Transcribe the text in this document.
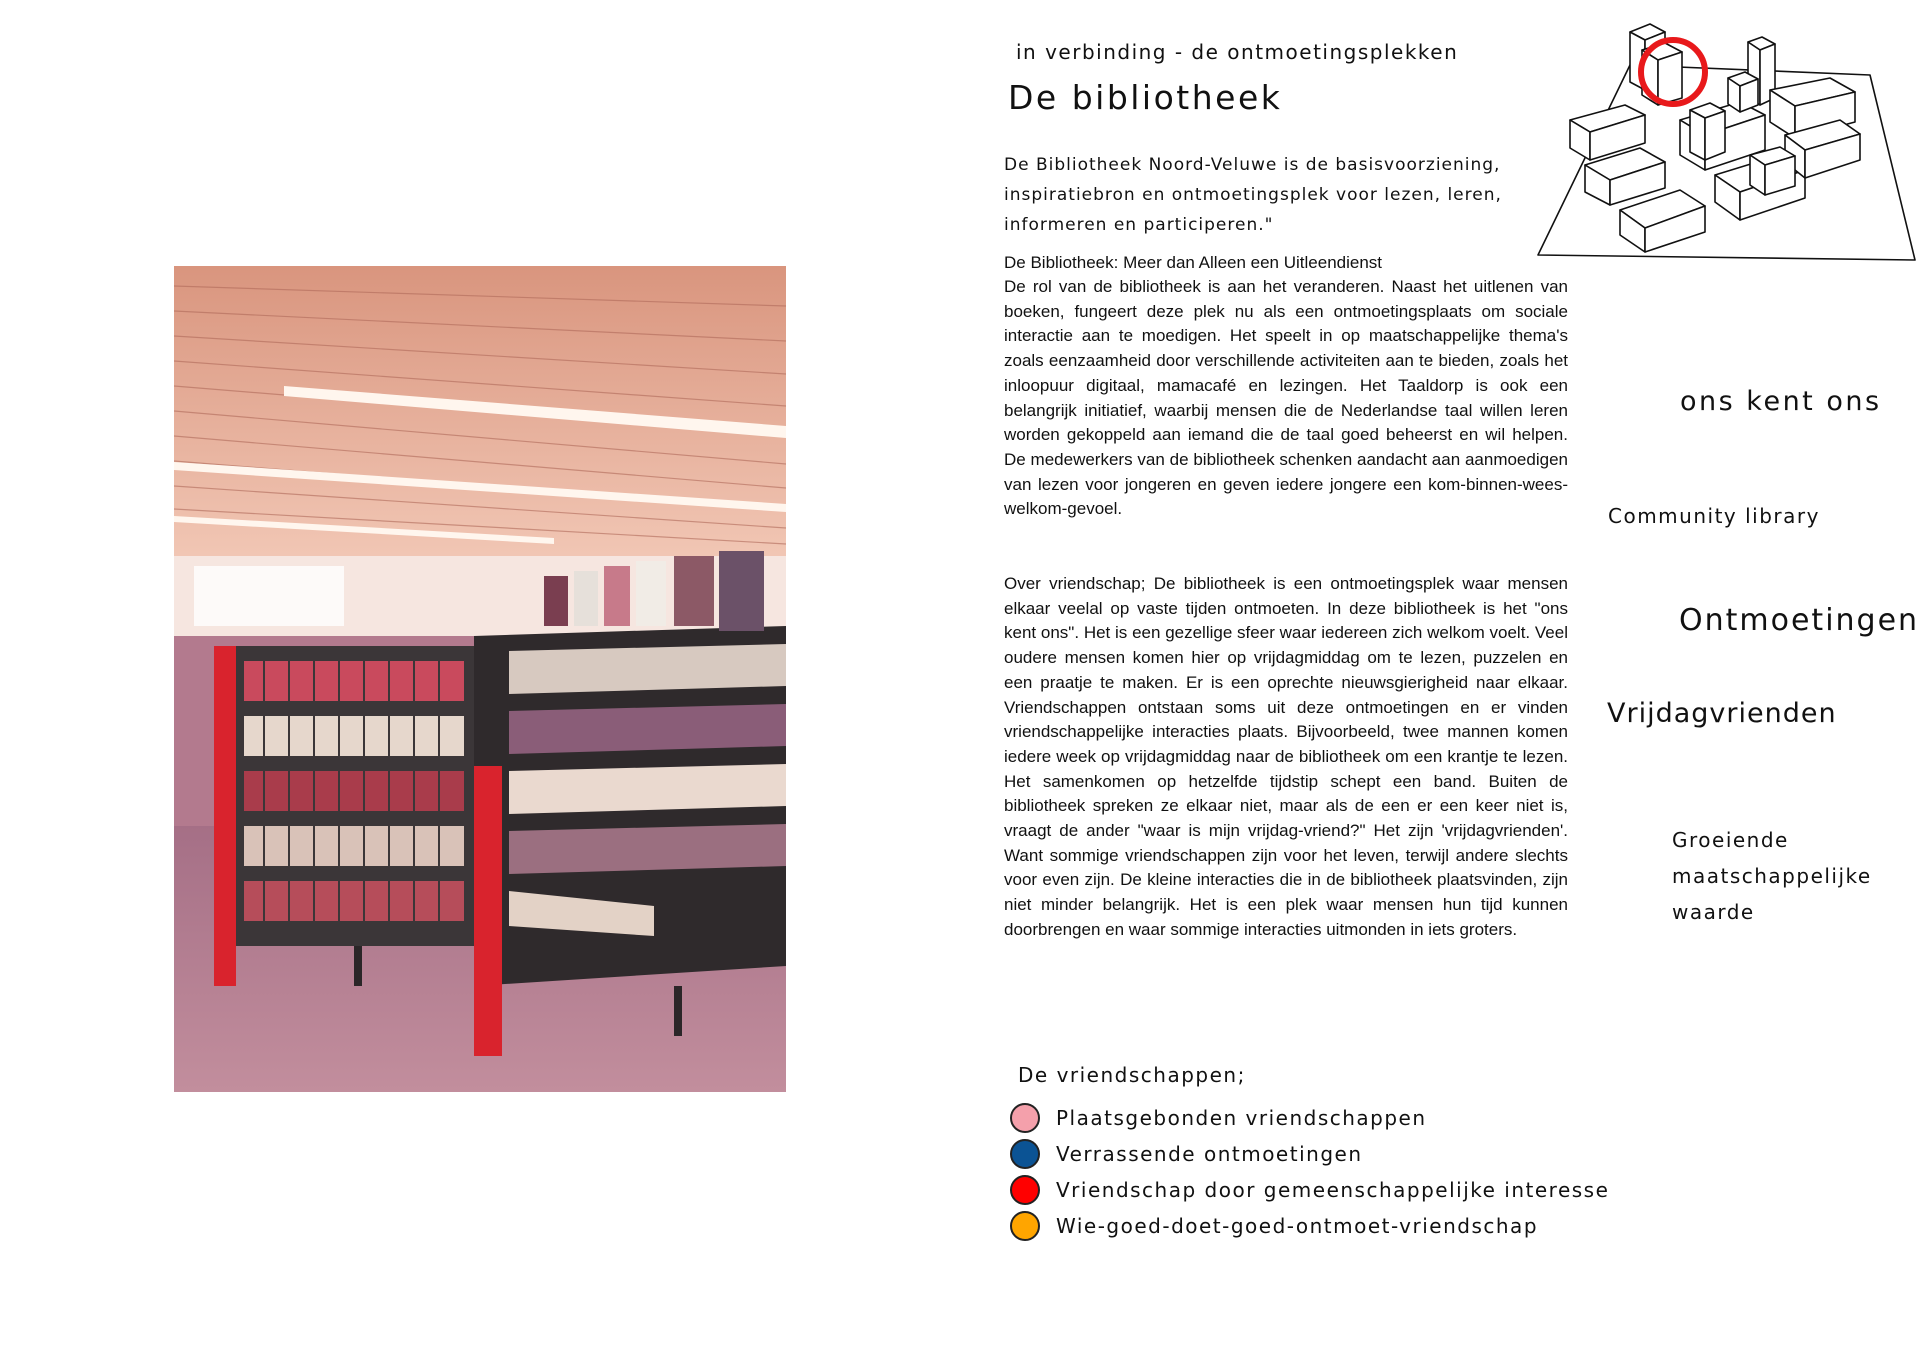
in verbinding - de ontmoetingsplekken
De bibliotheek
De Bibliotheek Noord-Veluwe is de basisvoorziening,
inspiratiebron en ontmoetingsplek voor lezen, leren,
informeren en participeren."
De Bibliotheek: Meer dan Alleen een Uitleendienst
De rol van de bibliotheek is aan het veranderen. Naast het uitlenen van boeken, fungeert deze plek nu als een ontmoetingsplaats om sociale interactie aan te moedigen. Het speelt in op maatschappelijke thema's zoals eenzaamheid door verschillende activiteiten aan te bieden, zoals het inloopuur digitaal, mamacafé en lezingen. Het Taaldorp is ook een belangrijk initiatief, waarbij mensen die de Nederlandse taal willen leren worden gekoppeld aan iemand die de taal goed beheerst en wil helpen. De medewerkers van de bibliotheek schenken aandacht aan aanmoedigen van lezen voor jongeren en geven iedere jongere een kom-binnen-wees-welkom-gevoel.
Over vriendschap; De bibliotheek is een ontmoetingsplek waar mensen elkaar veelal op vaste tijden ontmoeten. In deze bibliotheek is het "ons kent ons". Het is een gezellige sfeer waar iedereen zich welkom voelt. Veel oudere mensen komen hier op vrijdagmiddag om te lezen, puzzelen en een praatje te maken. Er is een oprechte nieuwsgierigheid naar elkaar. Vriendschappen ontstaan soms uit deze ontmoetingen en er vinden vriendschappelijke interacties plaats. Bijvoorbeeld, twee mannen komen iedere week op vrijdagmiddag naar de bibliotheek om een krantje te lezen. Het samenkomen op hetzelfde tijdstip schept een band. Buiten de bibliotheek spreken ze elkaar niet, maar als de een er een keer niet is, vraagt de ander "waar is mijn vrijdag-vriend?" Het zijn 'vrijdagvrienden'. Want sommige vriendschappen zijn voor het leven, terwijl andere slechts voor even zijn. De kleine interacties die in de bibliotheek plaatsvinden, zijn niet minder belangrijk. Het is een plek waar mensen hun tijd kunnen doorbrengen en waar sommige interacties uitmonden in iets groters.
De vriendschappen;
Plaatsgebonden vriendschappen
Verrassende ontmoetingen
Vriendschap door gemeenschappelijke interesse
Wie-goed-doet-goed-ontmoet-vriendschap
ons kent ons
Community library
Ontmoetingen
Vrijdagvrienden
Groeiende
maatschappelijke
waarde
